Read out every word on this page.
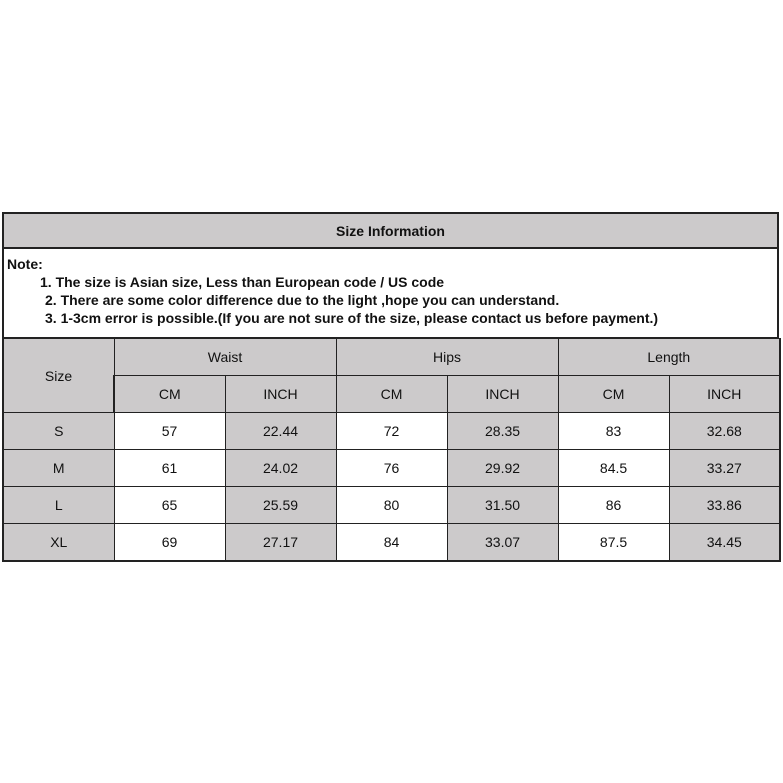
Size Information
Note:
1. The size is Asian size, Less than European code / US code
2. There are some color difference due to the light ,hope you can understand.
3. 1-3cm error is possible.(If you are not sure of the size, please contact us before payment.)
Size	Waist		Hips		Length	
	CM	INCH	CM	INCH	CM	INCH
S	57	22.44	72	28.35	83	32.68
M	61	24.02	76	29.92	84.5	33.27
L	65	25.59	80	31.50	86	33.86
XL	69	27.17	84	33.07	87.5	34.45
